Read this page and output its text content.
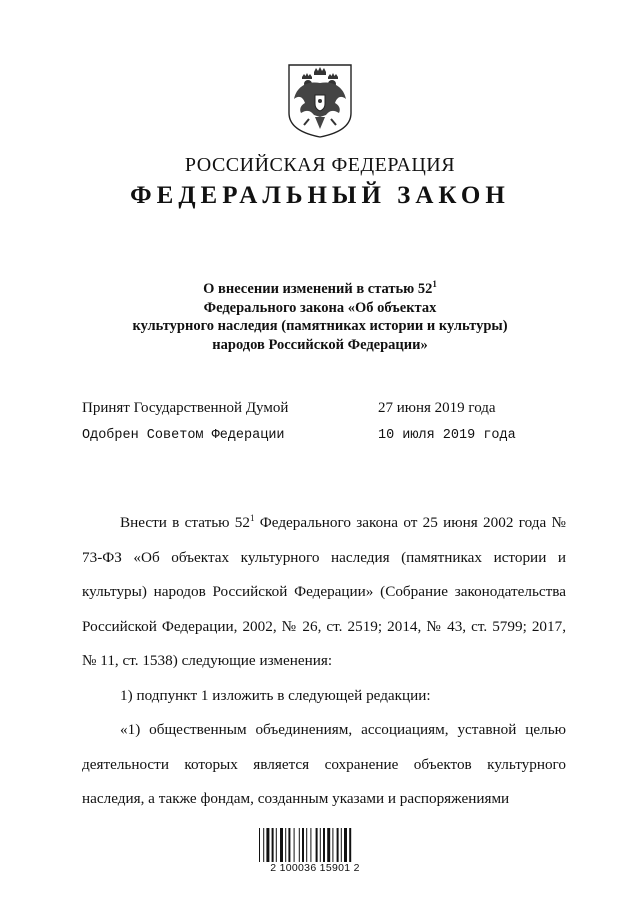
РОССИЙСКАЯ ФЕДЕРАЦИЯ
ФЕДЕРАЛЬНЫЙ ЗАКОН
О внесении изменений в статью $52^1$
Федерального закона «Об объектах
культурного наследия (памятниках истории и культуры)
народов Российской Федерации»
Принят Государственной Думой	27 июня 2019 года
Одобрен Советом Федерации	10 июля 2019 года

Внести в статью $52^1$ Федерального закона от 25 июня 2002 года № 73-ФЗ «Об объектах культурного наследия (памятниках истории и культуры) народов Российской Федерации» (Собрание законодательства Российской Федерации, 2002, № 26, ст. 2519; 2014, № 43, ст. 5799; 2017, № 11, ст. 1538) следующие изменения:

1) подпункт 1 изложить в следующей редакции:

«1) общественным объединениям, ассоциациям, уставной целью деятельности которых является сохранение объектов культурного наследия, а также фондам, созданным указами и распоряжениями

2 100036 15901 2
